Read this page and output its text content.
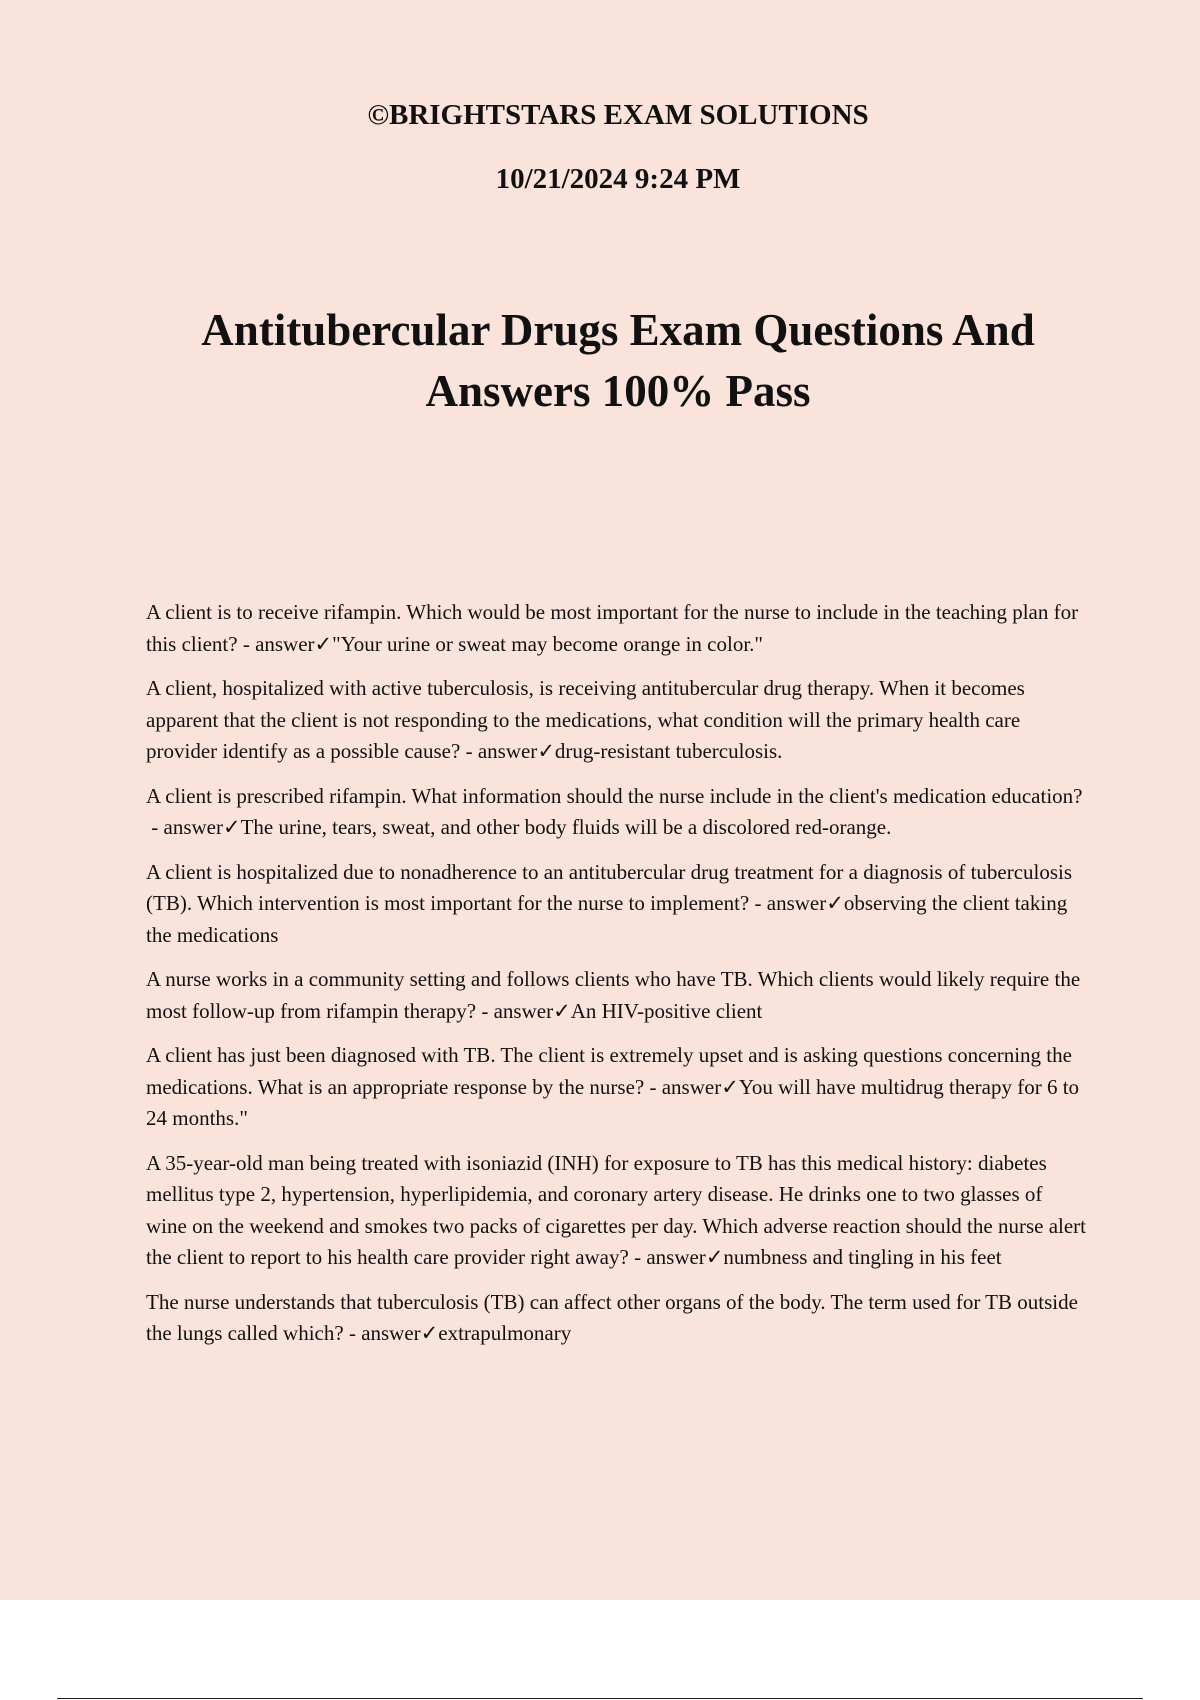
©BRIGHTSTARS EXAM SOLUTIONS

10/21/2024 9:24 PM

Antitubercular Drugs Exam Questions And Answers 100% Pass
A client is to receive rifampin. Which would be most important for the nurse to include in the teaching plan for this client? - answer✓"Your urine or sweat may become orange in color."
A client, hospitalized with active tuberculosis, is receiving antitubercular drug therapy. When it becomes apparent that the client is not responding to the medications, what condition will the primary health care provider identify as a possible cause? - answer✓drug-resistant tuberculosis.
A client is prescribed rifampin. What information should the nurse include in the client's medication education? - answer✓The urine, tears, sweat, and other body fluids will be a discolored red-orange.
A client is hospitalized due to nonadherence to an antitubercular drug treatment for a diagnosis of tuberculosis (TB). Which intervention is most important for the nurse to implement? - answer✓observing the client taking the medications
A nurse works in a community setting and follows clients who have TB. Which clients would likely require the most follow-up from rifampin therapy? - answer✓An HIV-positive client
A client has just been diagnosed with TB. The client is extremely upset and is asking questions concerning the medications. What is an appropriate response by the nurse? - answer✓You will have multidrug therapy for 6 to 24 months."
A 35-year-old man being treated with isoniazid (INH) for exposure to TB has this medical history: diabetes mellitus type 2, hypertension, hyperlipidemia, and coronary artery disease. He drinks one to two glasses of wine on the weekend and smokes two packs of cigarettes per day. Which adverse reaction should the nurse alert the client to report to his health care provider right away? - answer✓numbness and tingling in his feet
The nurse understands that tuberculosis (TB) can affect other organs of the body. The term used for TB outside the lungs called which? - answer✓extrapulmonary
